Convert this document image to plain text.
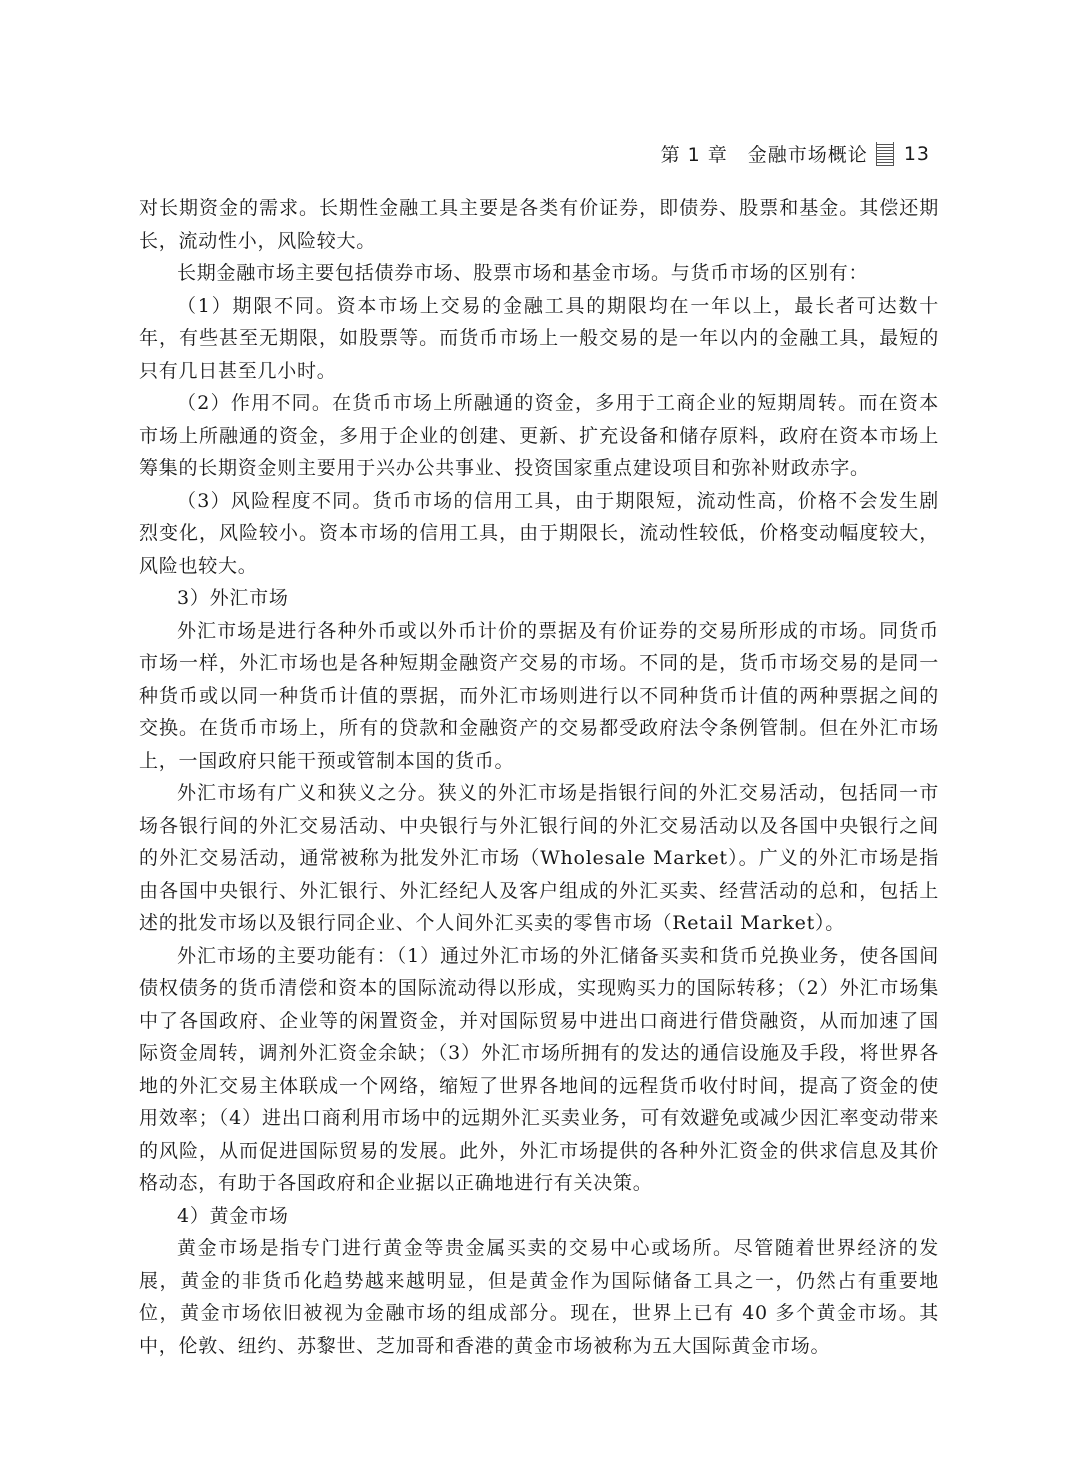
第 1 章 金融市场概论 13

对长期资金的需求。长期性金融工具主要是各类有价证券，即债券、股票和基金。其偿还期长，流动性小，风险较大。

长期金融市场主要包括债券市场、股票市场和基金市场。与货币市场的区别有：

（1）期限不同。资本市场上交易的金融工具的期限均在一年以上，最长者可达数十年，有些甚至无期限，如股票等。而货币市场上一般交易的是一年以内的金融工具，最短的只有几日甚至几小时。

（2）作用不同。在货币市场上所融通的资金，多用于工商企业的短期周转。而在资本市场上所融通的资金，多用于企业的创建、更新、扩充设备和储存原料，政府在资本市场上筹集的长期资金则主要用于兴办公共事业、投资国家重点建设项目和弥补财政赤字。

（3）风险程度不同。货币市场的信用工具，由于期限短，流动性高，价格不会发生剧烈变化，风险较小。资本市场的信用工具，由于期限长，流动性较低，价格变动幅度较大，风险也较大。

3）外汇市场

外汇市场是进行各种外币或以外币计价的票据及有价证券的交易所形成的市场。同货币市场一样，外汇市场也是各种短期金融资产交易的市场。不同的是，货币市场交易的是同一种货币或以同一种货币计值的票据，而外汇市场则进行以不同种货币计值的两种票据之间的交换。在货币市场上，所有的贷款和金融资产的交易都受政府法令条例管制。但在外汇市场上，一国政府只能干预或管制本国的货币。

外汇市场有广义和狭义之分。狭义的外汇市场是指银行间的外汇交易活动，包括同一市场各银行间的外汇交易活动、中央银行与外汇银行间的外汇交易活动以及各国中央银行之间的外汇交易活动，通常被称为批发外汇市场（Wholesale Market）。广义的外汇市场是指由各国中央银行、外汇银行、外汇经纪人及客户组成的外汇买卖、经营活动的总和，包括上述的批发市场以及银行同企业、个人间外汇买卖的零售市场（Retail Market）。

外汇市场的主要功能有：（1）通过外汇市场的外汇储备买卖和货币兑换业务，使各国间债权债务的货币清偿和资本的国际流动得以形成，实现购买力的国际转移；（2）外汇市场集中了各国政府、企业等的闲置资金，并对国际贸易中进出口商进行借贷融资，从而加速了国际资金周转，调剂外汇资金余缺；（3）外汇市场所拥有的发达的通信设施及手段，将世界各地的外汇交易主体联成一个网络，缩短了世界各地间的远程货币收付时间，提高了资金的使用效率；（4）进出口商利用市场中的远期外汇买卖业务，可有效避免或减少因汇率变动带来的风险，从而促进国际贸易的发展。此外，外汇市场提供的各种外汇资金的供求信息及其价格动态，有助于各国政府和企业据以正确地进行有关决策。

4）黄金市场

黄金市场是指专门进行黄金等贵金属买卖的交易中心或场所。尽管随着世界经济的发展，黄金的非货币化趋势越来越明显，但是黄金作为国际储备工具之一，仍然占有重要地位，黄金市场依旧被视为金融市场的组成部分。现在，世界上已有 40 多个黄金市场。其中，伦敦、纽约、苏黎世、芝加哥和香港的黄金市场被称为五大国际黄金市场。
